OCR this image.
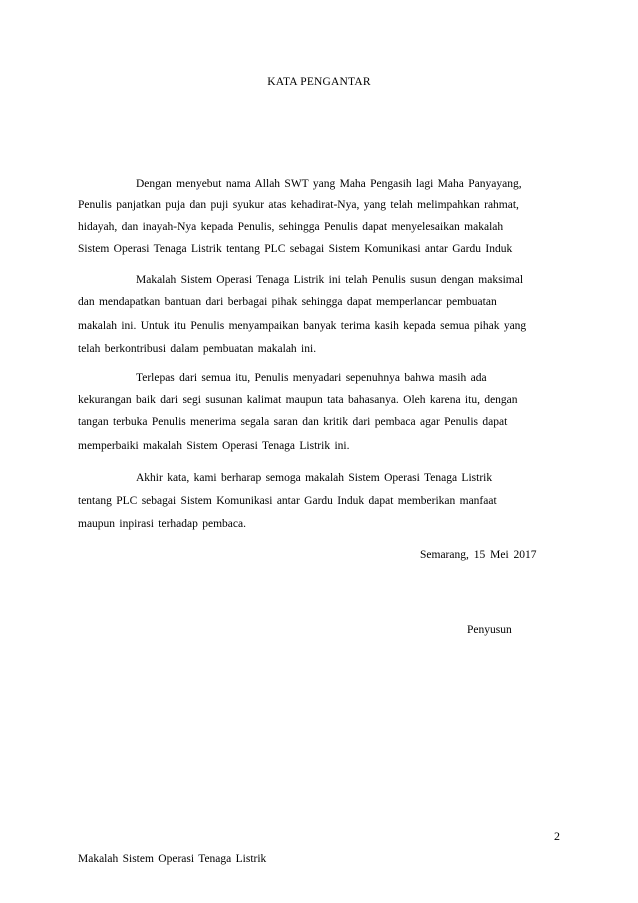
KATA PENGANTAR
Dengan menyebut nama Allah SWT yang Maha Pengasih lagi Maha Panyayang,
Penulis panjatkan puja dan puji syukur atas kehadirat-Nya, yang telah melimpahkan rahmat,
hidayah, dan inayah-Nya kepada Penulis, sehingga Penulis dapat menyelesaikan makalah
Sistem Operasi Tenaga Listrik tentang PLC sebagai Sistem Komunikasi antar Gardu Induk
Makalah Sistem Operasi Tenaga Listrik ini telah Penulis susun dengan maksimal
dan mendapatkan bantuan dari berbagai pihak sehingga dapat memperlancar pembuatan
makalah ini. Untuk itu Penulis menyampaikan banyak terima kasih kepada semua pihak yang
telah berkontribusi dalam pembuatan makalah ini.
Terlepas dari semua itu, Penulis menyadari sepenuhnya bahwa masih ada
kekurangan baik dari segi susunan kalimat maupun tata bahasanya. Oleh karena itu, dengan
tangan terbuka Penulis menerima segala saran dan kritik dari pembaca agar Penulis dapat
memperbaiki makalah Sistem Operasi Tenaga Listrik ini.
Akhir kata, kami berharap semoga makalah Sistem Operasi Tenaga Listrik
tentang PLC sebagai Sistem Komunikasi antar Gardu Induk dapat memberikan manfaat
maupun inpirasi terhadap pembaca.
Semarang, 15 Mei 2017
Penyusun
2
Makalah Sistem Operasi Tenaga Listrik
